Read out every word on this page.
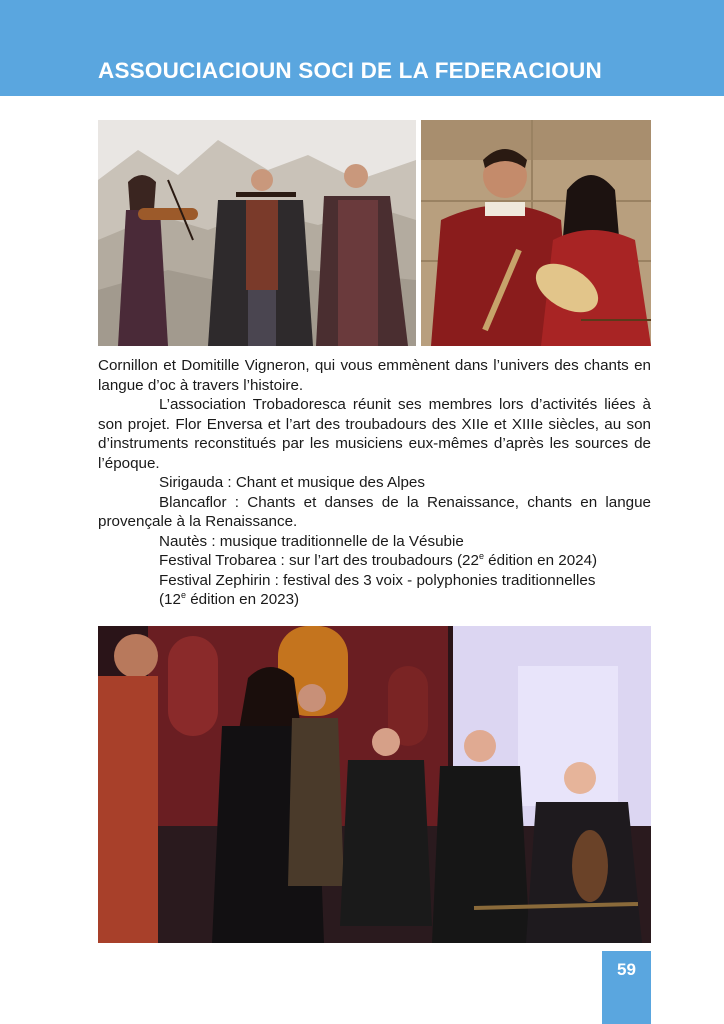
ASSOUCIACIOUN SOCI DE LA FEDERACIOUN

Cornillon et Domitille Vigneron, qui vous emmènent dans l’univers des chants en langue d’oc à travers l’histoire.

L’association Trobadoresca réunit ses membres lors d’activités liées à son projet. Flor Enversa et l’art des troubadours des XIIe et XIIIe siècles, au son d’instruments reconstitués par les musiciens eux-mêmes d’après les sources de l’époque.

Sirigauda : Chant et musique des Alpes

Blancaflor : Chants et danses de la Renaissance, chants en langue provençale à la Renaissance.

Nautès : musique traditionnelle de la Vésubie

Festival Trobarea : sur l’art des troubadours (22e édition en 2024)

Festival Zephirin : festival des 3 voix - polyphonies traditionnelles
(12e édition en 2023)

59
